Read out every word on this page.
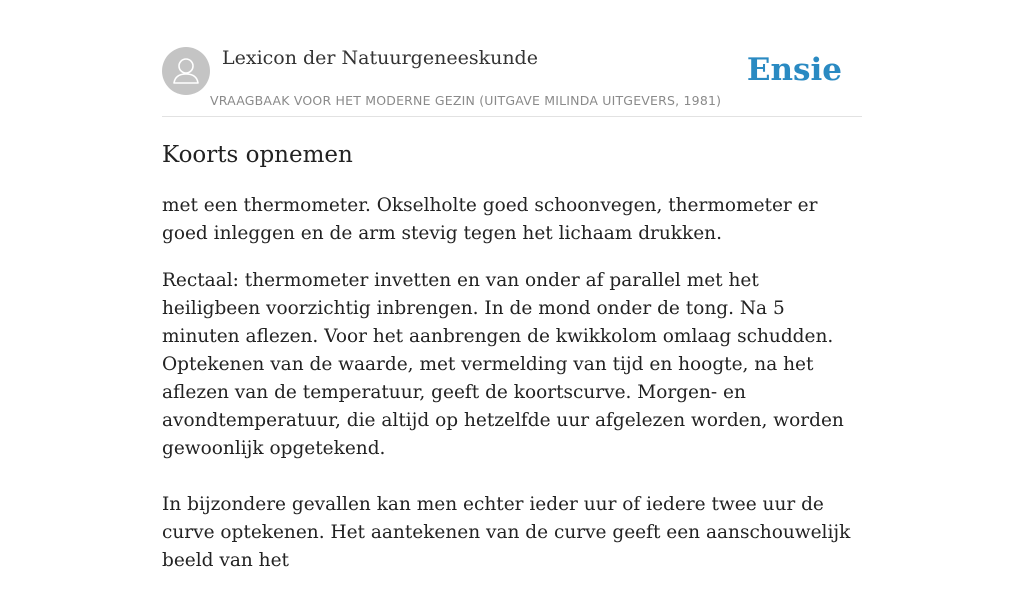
Lexicon der Natuurgeneeskunde
VRAAGBAAK VOOR HET MODERNE GEZIN (UITGAVE MILINDA UITGEVERS, 1981)
Ensie
Koorts opnemen

met een thermometer. Okselholte goed schoonvegen, thermometer er goed inleggen en de arm stevig tegen het lichaam drukken.

Rectaal: thermometer invetten en van onder af parallel met het heiligbeen voorzichtig inbrengen. In de mond onder de tong. Na 5 minuten aflezen. Voor het aanbrengen de kwikkolom omlaag schudden. Optekenen van de waarde, met vermelding van tijd en hoogte, na het aflezen van de temperatuur, geeft de koortscurve. Morgen- en avondtemperatuur, die altijd op hetzelfde uur afgelezen worden, worden gewoonlijk opgetekend.

In bijzondere gevallen kan men echter ieder uur of iedere twee uur de curve optekenen. Het aantekenen van de curve geeft een aanschouwelijk beeld van het
